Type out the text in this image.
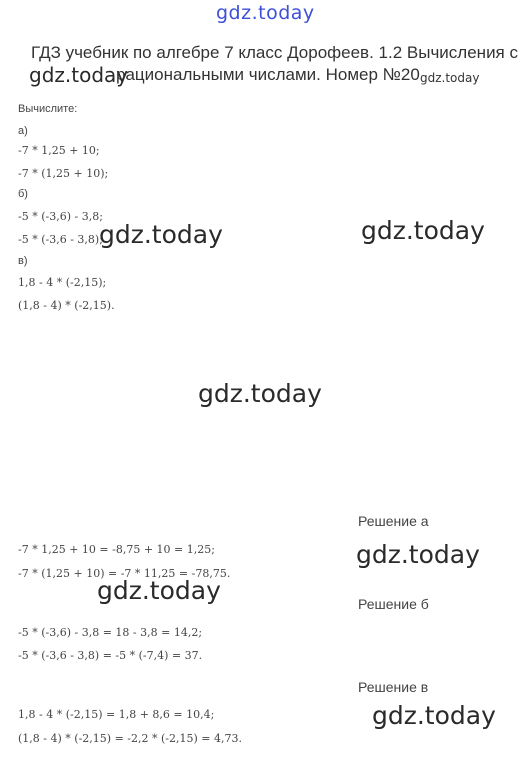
gdz.today
ГДЗ учебник по алгебре 7 класс Дорофеев. 1.2 Вычисления с
gdz.today
рациональными числами. Номер №20 gdz.today
Вычислите:
а)
-7 * 1,25 + 10;
-7 * (1,25 + 10);
б)
-5 * (-3,6) - 3,8;
-5 * (-3,6 - 3,8);
в)
1,8 - 4 * (-2,15);
(1,8 - 4) * (-2,15).
gdz.today	gdz.today
gdz.today
Решение а
gdz.today
-7 * 1,25 + 10 = -8,75 + 10 = 1,25;
-7 * (1,25 + 10) = -7 * 11,25 = -78,75.
gdz.today	Решение б
-5 * (-3,6) - 3,8 = 18 - 3,8 = 14,2;
-5 * (-3,6 - 3,8) = -5 * (-7,4) = 37.
Решение в
gdz.today
1,8 - 4 * (-2,15) = 1,8 + 8,6 = 10,4;
(1,8 - 4) * (-2,15) = -2,2 * (-2,15) = 4,73.
